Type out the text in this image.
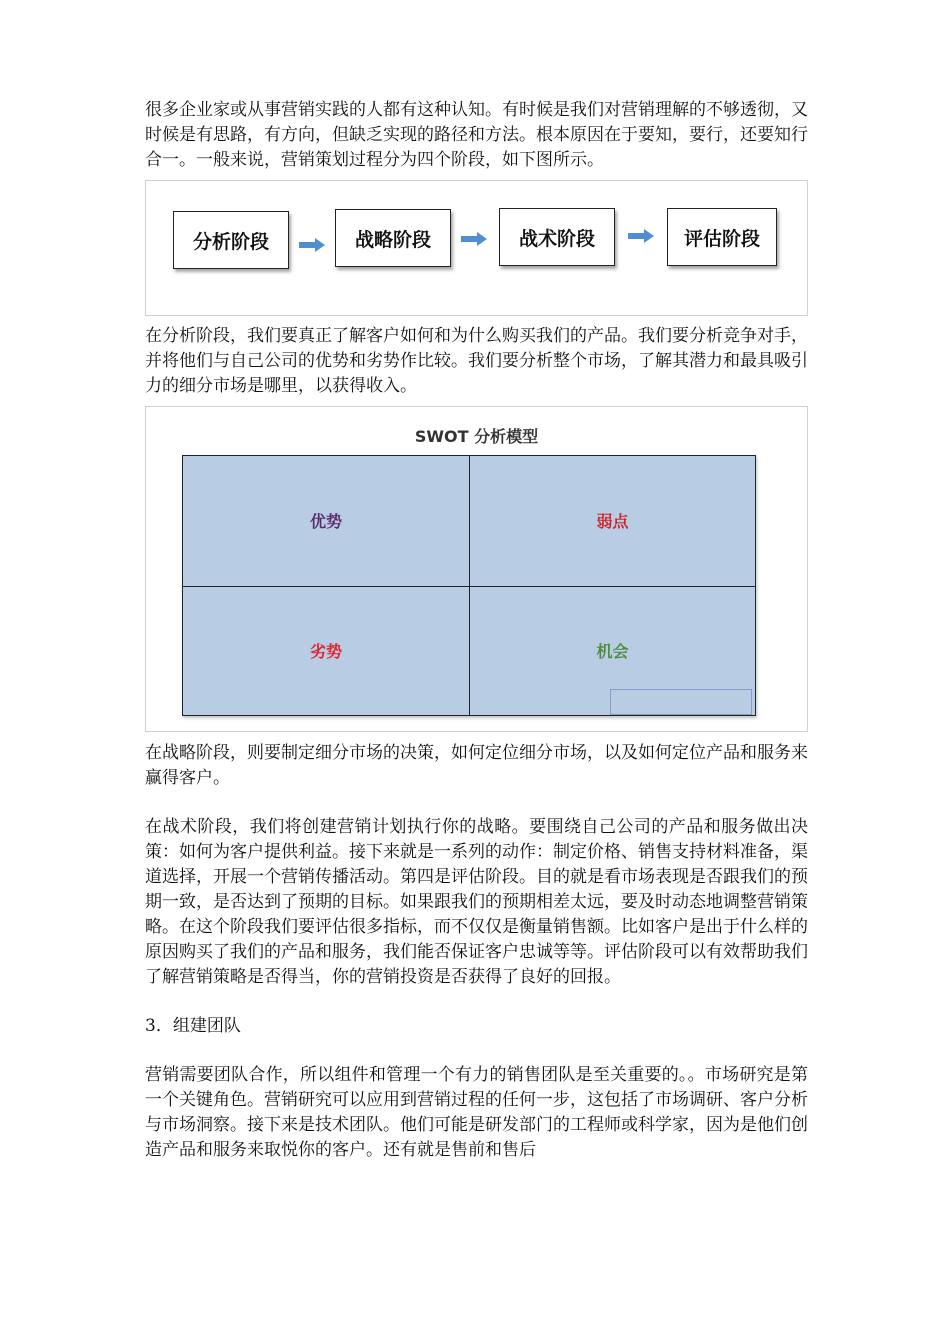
很多企业家或从事营销实践的人都有这种认知。有时候是我们对营销理解的不够透彻，又时候是有思路，有方向，但缺乏实现的路径和方法。根本原因在于要知，要行，还要知行合一。一般来说，营销策划过程分为四个阶段，如下图所示。

分析阶段	战略阶段	战术阶段	评估阶段

在分析阶段，我们要真正了解客户如何和为什么购买我们的产品。我们要分析竞争对手，并将他们与自己公司的优势和劣势作比较。我们要分析整个市场，了解其潜力和最具吸引力的细分市场是哪里，以获得收入。

SWOT 分析模型
优势	弱点
劣势	机会

在战略阶段，则要制定细分市场的决策，如何定位细分市场，以及如何定位产品和服务来赢得客户。

在战术阶段，我们将创建营销计划执行你的战略。要围绕自己公司的产品和服务做出决策：如何为客户提供利益。接下来就是一系列的动作：制定价格、销售支持材料准备，渠道选择，开展一个营销传播活动。第四是评估阶段。目的就是看市场表现是否跟我们的预期一致，是否达到了预期的目标。如果跟我们的预期相差太远，要及时动态地调整营销策略。在这个阶段我们要评估很多指标，而不仅仅是衡量销售额。比如客户是出于什么样的原因购买了我们的产品和服务，我们能否保证客户忠诚等等。评估阶段可以有效帮助我们了解营销策略是否得当，你的营销投资是否获得了良好的回报。

3．组建团队

营销需要团队合作，所以组件和管理一个有力的销售团队是至关重要的。。市场研究是第一个关键角色。营销研究可以应用到营销过程的任何一步，这包括了市场调研、客户分析与市场洞察。接下来是技术团队。他们可能是研发部门的工程师或科学家，因为是他们创造产品和服务来取悦你的客户。还有就是售前和售后
